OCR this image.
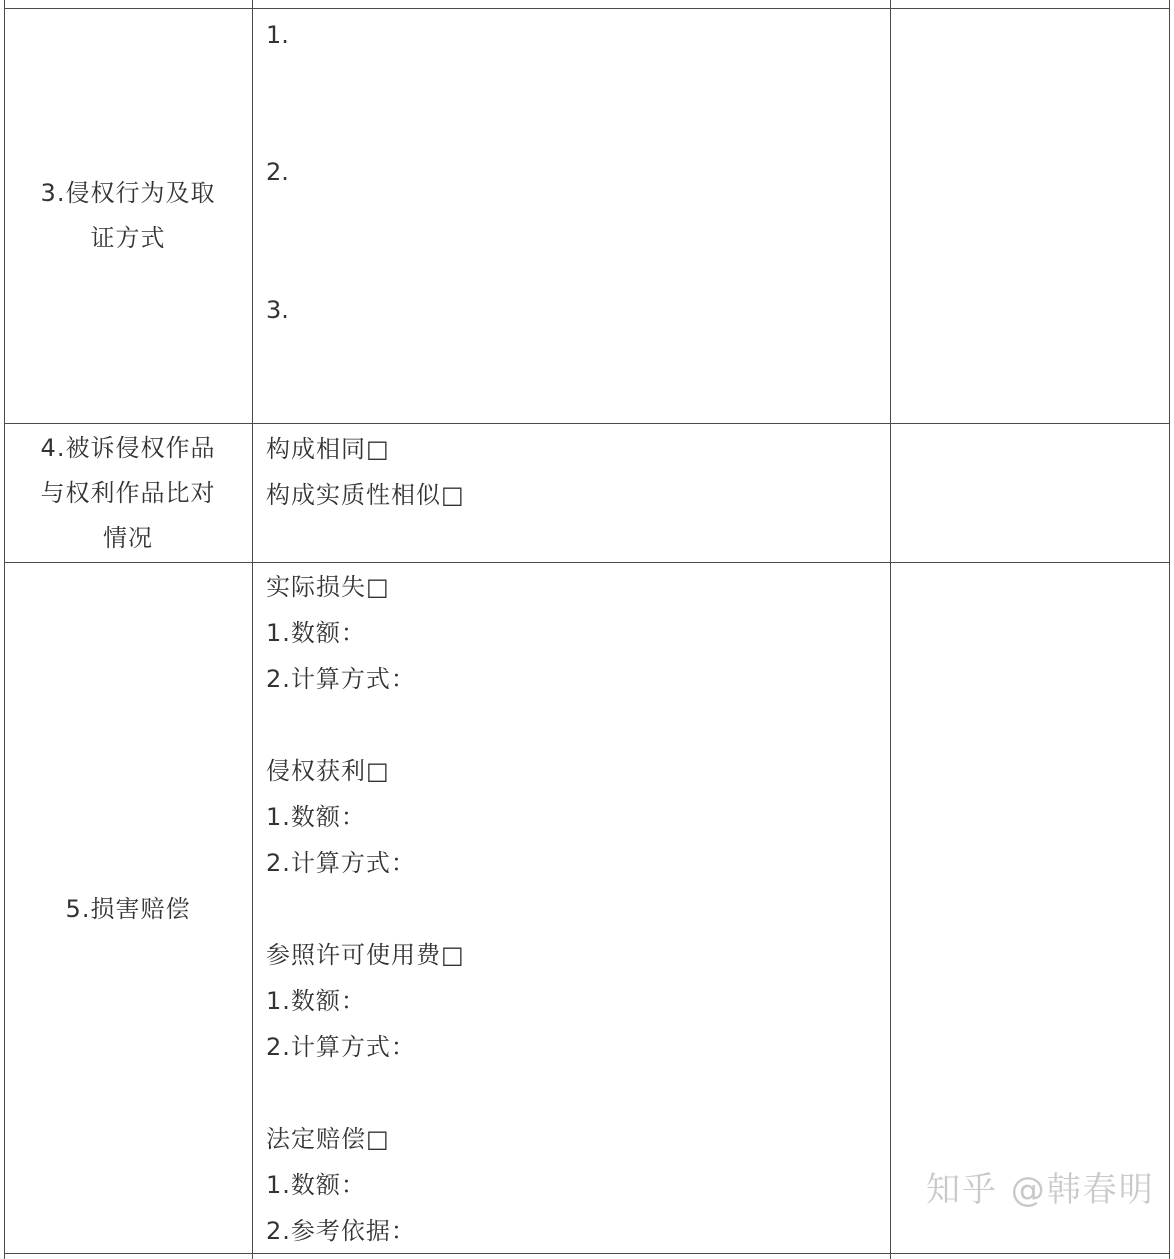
3.侵权行为及取
证方式
1.
2.
3.
4.被诉侵权作品
与权利作品比对
情况
构成相同□
构成实质性相似□
5.损害赔偿
实际损失□
1.数额：
2.计算方式：
侵权获利□
1.数额：
2.计算方式：
参照许可使用费□
1.数额：
2.计算方式：
法定赔偿□
1.数额：
2.参考依据：
知乎 @韩春明
